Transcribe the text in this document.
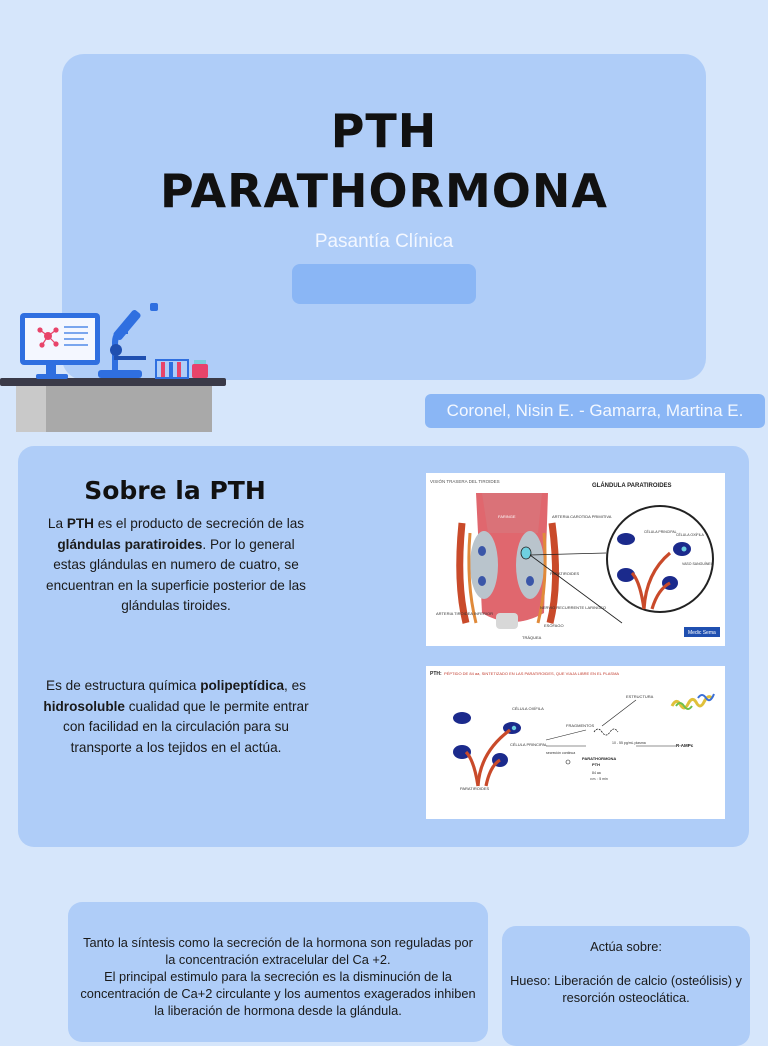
PTH
PARATHORMONA
Pasantía Clínica
Coronel, Nisin E. - Gamarra, Martina E.
Sobre la PTH
La PTH es el producto de secreción de las glándulas paratiroides. Por lo general estas glándulas en numero de cuatro, se encuentran en la superficie posterior de las glándulas tiroides.
Es de estructura química polipeptídica, es hidrosoluble cualidad que le permite entrar con facilidad en la circulación para su transporte a los tejidos en el actúa.
VISIÓN TRASERA DEL TIROIDES
GLÁNDULA PARATIROIDES
FARINGE	ARTERIA CAROTIDA PRIMITIVA
PARATIROIDES
NERVIO RECURRENTE LARINGEO
ESÓFAGO
TRÁQUEA
ARTERIA TIROIDEA INFERIOR
CÉLULA PRINCIPAL
CÉLULA OXÍFILA
VASO SANGUÍNEO
Medic Sema
PTH: PÉPTIDO DE 84 aa, SINTETIZADO EN LAS PARATIROIDES, QUE VIAJA LIBRE EN EL PLASMA
PARATIROIDES
CÉLULA OXÍFILA
CÉLULA PRINCIPAL
FRAGMENTOS
secreción continua
ESTRUCTURA
10 - 55 pg/mL plasma	R-AMPc
PARATHORMONA
PTH
84 aa
v.m. : 5 min
Tanto la síntesis como la secreción de la hormona son reguladas por la concentración extracelular del Ca +2.
El principal estimulo para la secreción es la disminución de la concentración de Ca+2 circulante y los aumentos exagerados inhiben la liberación de hormona desde la glándula.
Actúa sobre:
Hueso: Liberación de calcio (osteólisis) y resorción osteoclática.
